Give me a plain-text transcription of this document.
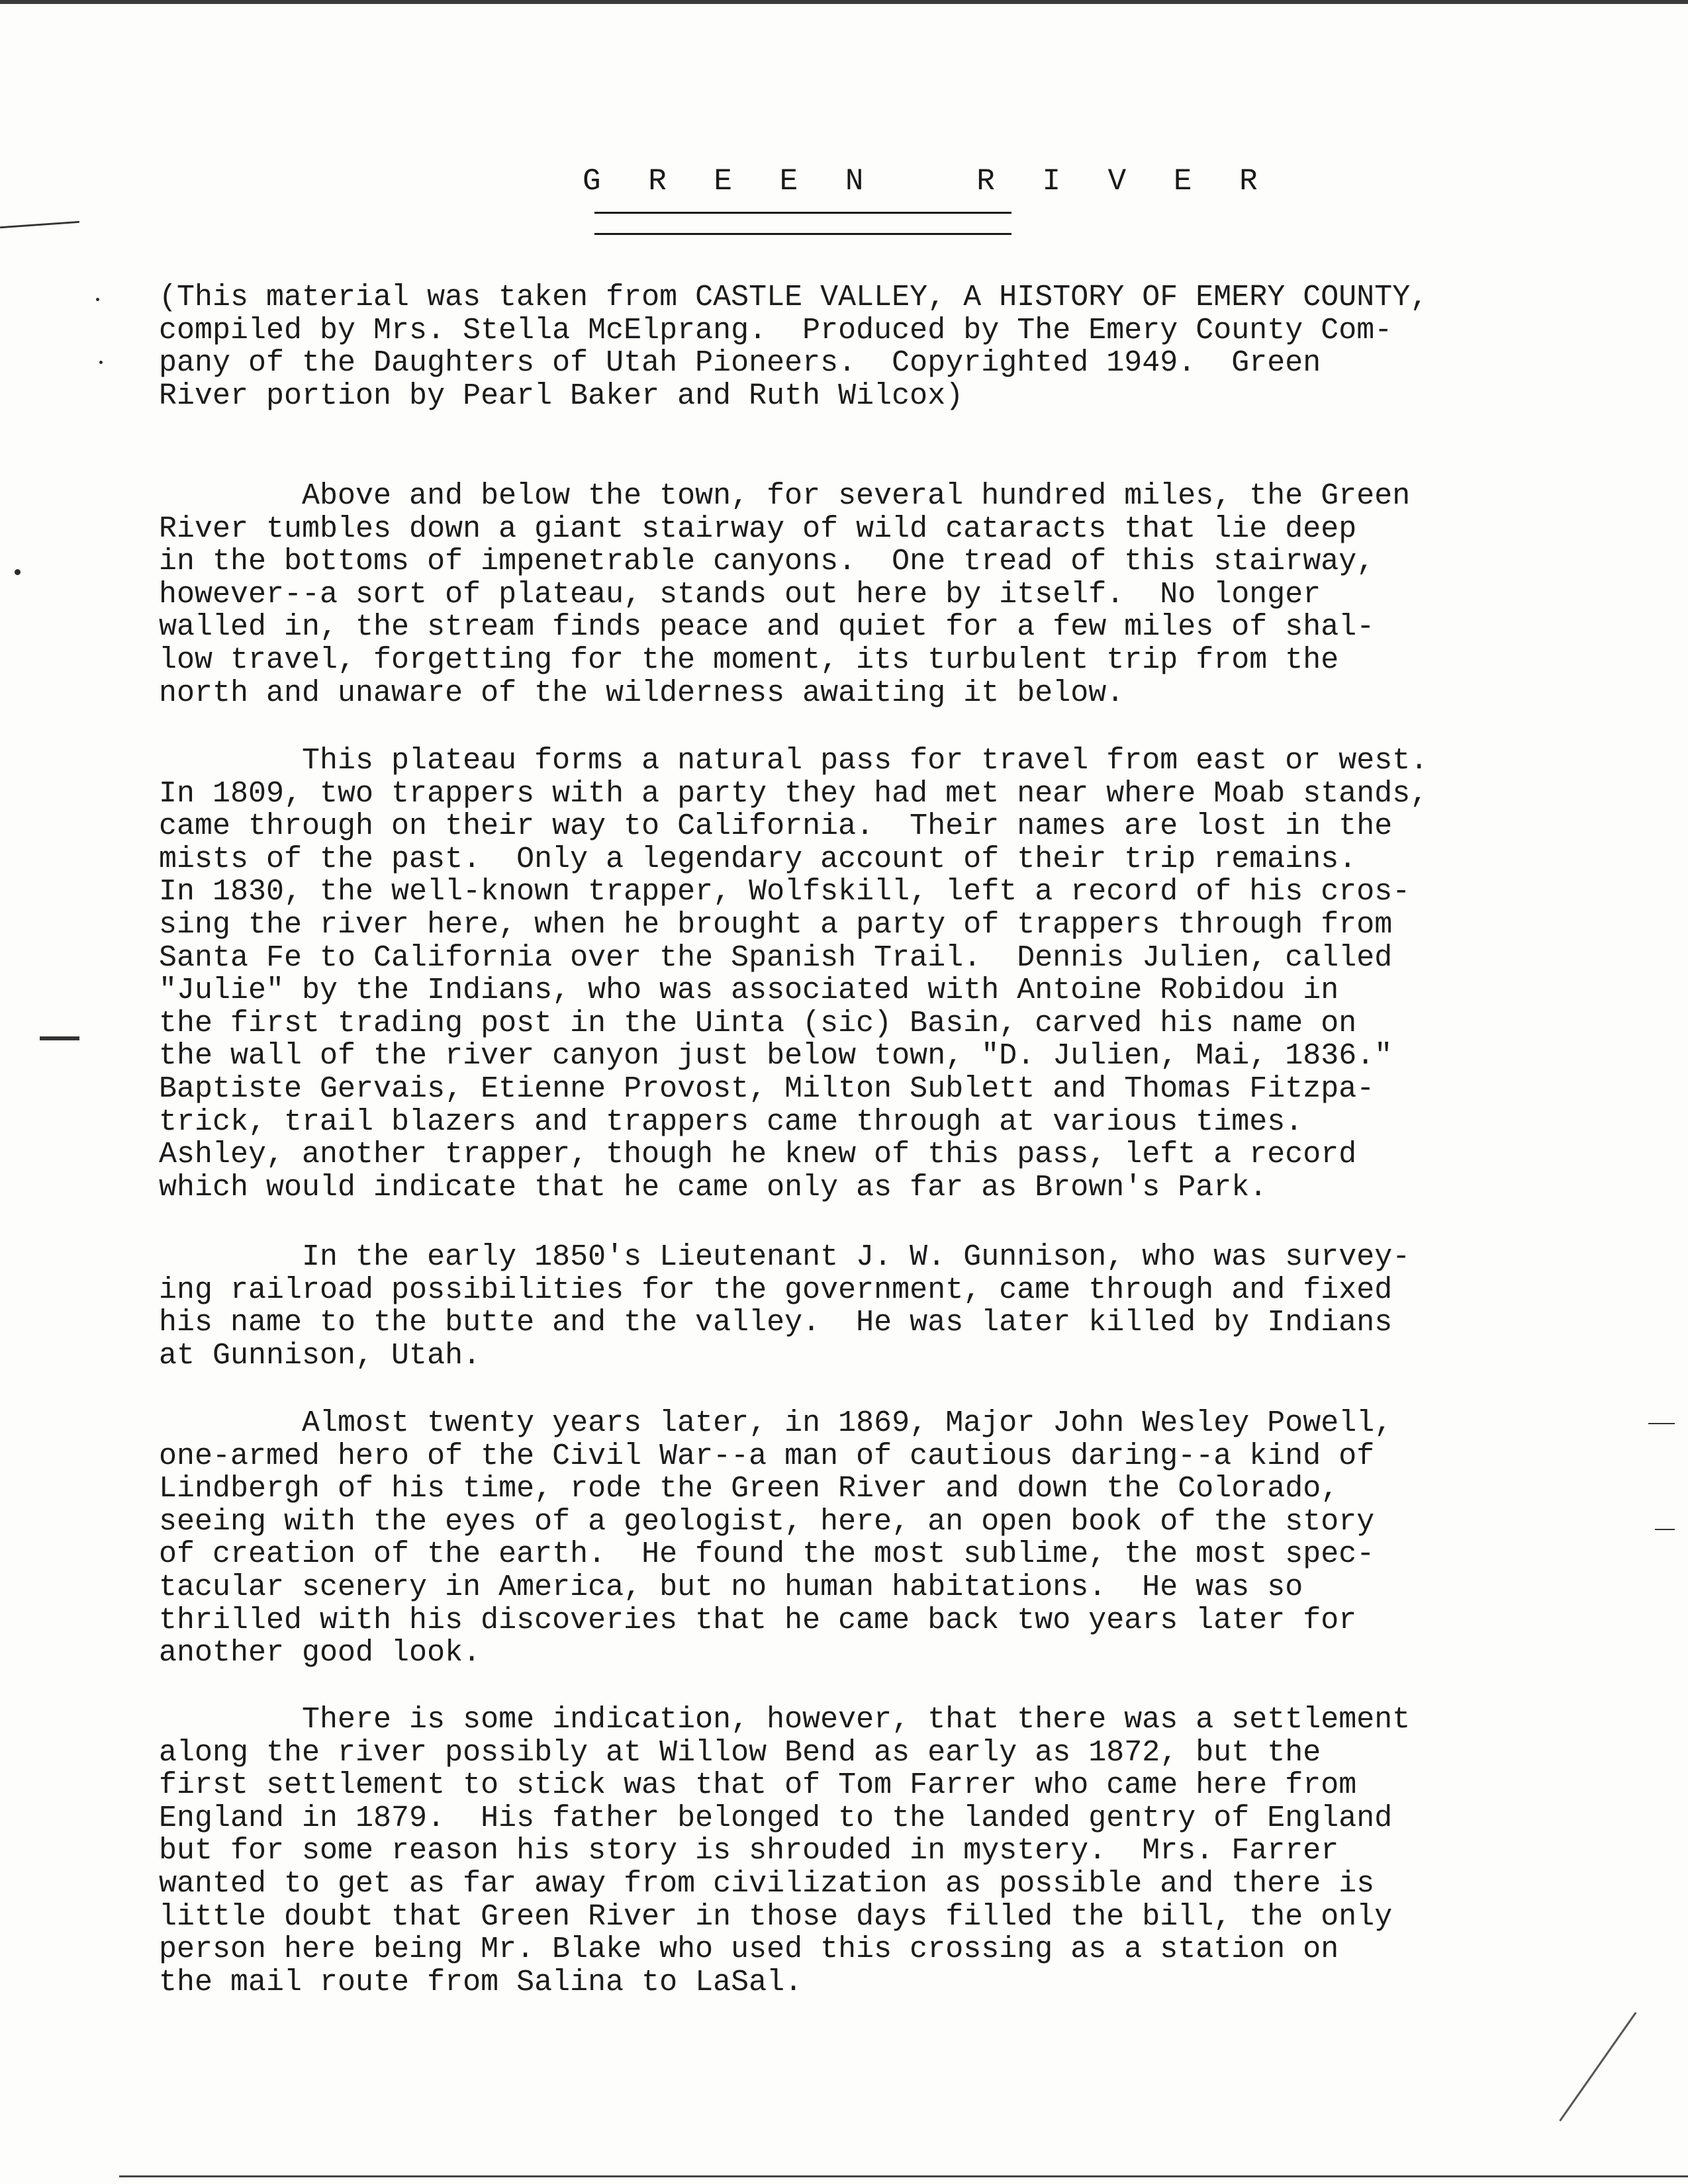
G R E E N   R I V E R
(This material was taken from CASTLE VALLEY, A HISTORY OF EMERY COUNTY,
compiled by Mrs. Stella McElprang.  Produced by The Emery County Com-
pany of the Daughters of Utah Pioneers.  Copyrighted 1949.  Green
River portion by Pearl Baker and Ruth Wilcox)
Above and below the town, for several hundred miles, the Green
River tumbles down a giant stairway of wild cataracts that lie deep
in the bottoms of impenetrable canyons.  One tread of this stairway,
however--a sort of plateau, stands out here by itself.  No longer
walled in, the stream finds peace and quiet for a few miles of shal-
low travel, forgetting for the moment, its turbulent trip from the
north and unaware of the wilderness awaiting it below.
This plateau forms a natural pass for travel from east or west.
In 1809, two trappers with a party they had met near where Moab stands,
came through on their way to California.  Their names are lost in the
mists of the past.  Only a legendary account of their trip remains.
In 1830, the well-known trapper, Wolfskill, left a record of his cros-
sing the river here, when he brought a party of trappers through from
Santa Fe to California over the Spanish Trail.  Dennis Julien, called
"Julie" by the Indians, who was associated with Antoine Robidou in
the first trading post in the Uinta (sic) Basin, carved his name on
the wall of the river canyon just below town, "D. Julien, Mai, 1836."
Baptiste Gervais, Etienne Provost, Milton Sublett and Thomas Fitzpa-
trick, trail blazers and trappers came through at various times.
Ashley, another trapper, though he knew of this pass, left a record
which would indicate that he came only as far as Brown's Park.
In the early 1850's Lieutenant J. W. Gunnison, who was survey-
ing railroad possibilities for the government, came through and fixed
his name to the butte and the valley.  He was later killed by Indians
at Gunnison, Utah.
Almost twenty years later, in 1869, Major John Wesley Powell,
one-armed hero of the Civil War--a man of cautious daring--a kind of
Lindbergh of his time, rode the Green River and down the Colorado,
seeing with the eyes of a geologist, here, an open book of the story
of creation of the earth.  He found the most sublime, the most spec-
tacular scenery in America, but no human habitations.  He was so
thrilled with his discoveries that he came back two years later for
another good look.
There is some indication, however, that there was a settlement
along the river possibly at Willow Bend as early as 1872, but the
first settlement to stick was that of Tom Farrer who came here from
England in 1879.  His father belonged to the landed gentry of England
but for some reason his story is shrouded in mystery.  Mrs. Farrer
wanted to get as far away from civilization as possible and there is
little doubt that Green River in those days filled the bill, the only
person here being Mr. Blake who used this crossing as a station on
the mail route from Salina to LaSal.
